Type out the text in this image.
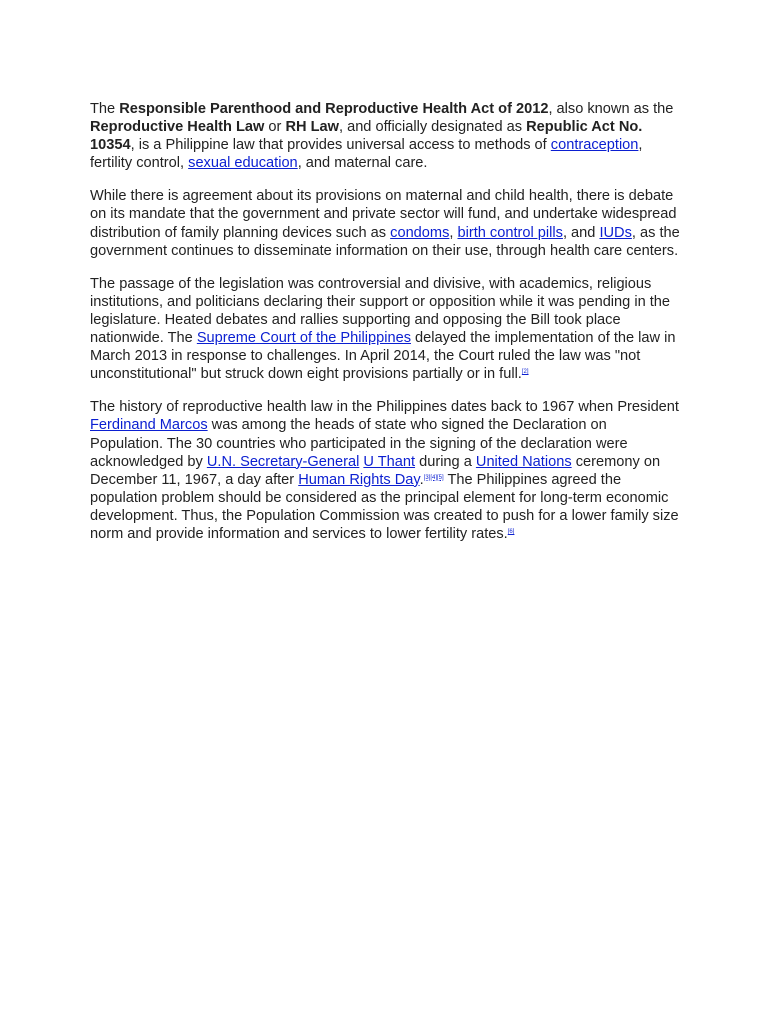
The Responsible Parenthood and Reproductive Health Act of 2012, also known as the Reproductive Health Law or RH Law, and officially designated as Republic Act No. 10354, is a Philippine law that provides universal access to methods of contraception, fertility control, sexual education, and maternal care.

While there is agreement about its provisions on maternal and child health, there is debate on its mandate that the government and private sector will fund, and undertake widespread distribution of family planning devices such as condoms, birth control pills, and IUDs, as the government continues to disseminate information on their use, through health care centers.

The passage of the legislation was controversial and divisive, with academics, religious institutions, and politicians declaring their support or opposition while it was pending in the legislature. Heated debates and rallies supporting and opposing the Bill took place nationwide. The Supreme Court of the Philippines delayed the implementation of the law in March 2013 in response to challenges. In April 2014, the Court ruled the law was "not unconstitutional" but struck down eight provisions partially or in full.[2]

The history of reproductive health law in the Philippines dates back to 1967 when President Ferdinand Marcos was among the heads of state who signed the Declaration on Population. The 30 countries who participated in the signing of the declaration were acknowledged by U.N. Secretary-General U Thant during a United Nations ceremony on December 11, 1967, a day after Human Rights Day.[3][4][5] The Philippines agreed the population problem should be considered as the principal element for long-term economic development. Thus, the Population Commission was created to push for a lower family size norm and provide information and services to lower fertility rates.[6]
